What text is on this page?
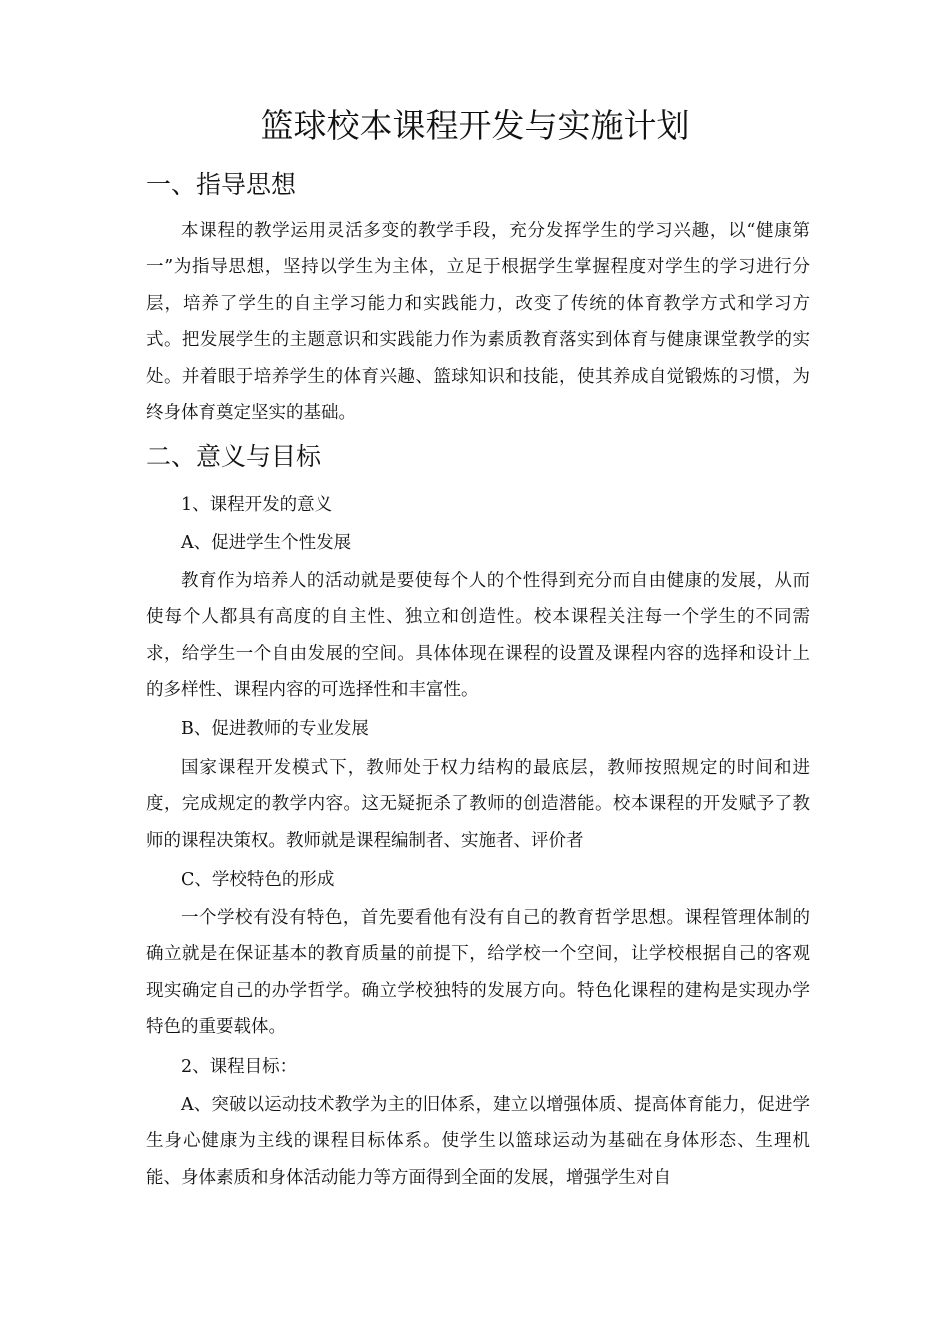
篮球校本课程开发与实施计划
一、指导思想

本课程的教学运用灵活多变的教学手段，充分发挥学生的学习兴趣，以“健康第一”为指导思想，坚持以学生为主体，立足于根据学生掌握程度对学生的学习进行分层，培养了学生的自主学习能力和实践能力，改变了传统的体育教学方式和学习方式。把发展学生的主题意识和实践能力作为素质教育落实到体育与健康课堂教学的实处。并着眼于培养学生的体育兴趣、篮球知识和技能，使其养成自觉锻炼的习惯，为终身体育奠定坚实的基础。

二、意义与目标

1、课程开发的意义

A、促进学生个性发展

教育作为培养人的活动就是要使每个人的个性得到充分而自由健康的发展，从而使每个人都具有高度的自主性、独立和创造性。校本课程关注每一个学生的不同需求，给学生一个自由发展的空间。具体体现在课程的设置及课程内容的选择和设计上的多样性、课程内容的可选择性和丰富性。

B、促进教师的专业发展

国家课程开发模式下，教师处于权力结构的最底层，教师按照规定的时间和进度，完成规定的教学内容。这无疑扼杀了教师的创造潜能。校本课程的开发赋予了教师的课程决策权。教师就是课程编制者、实施者、评价者

C、学校特色的形成

一个学校有没有特色，首先要看他有没有自己的教育哲学思想。课程管理体制的确立就是在保证基本的教育质量的前提下，给学校一个空间，让学校根据自己的客观现实确定自己的办学哲学。确立学校独特的发展方向。特色化课程的建构是实现办学特色的重要载体。

2、课程目标：

A、突破以运动技术教学为主的旧体系，建立以增强体质、提高体育能力，促进学生身心健康为主线的课程目标体系。使学生以篮球运动为基础在身体形态、生理机能、身体素质和身体活动能力等方面得到全面的发展，增强学生对自
